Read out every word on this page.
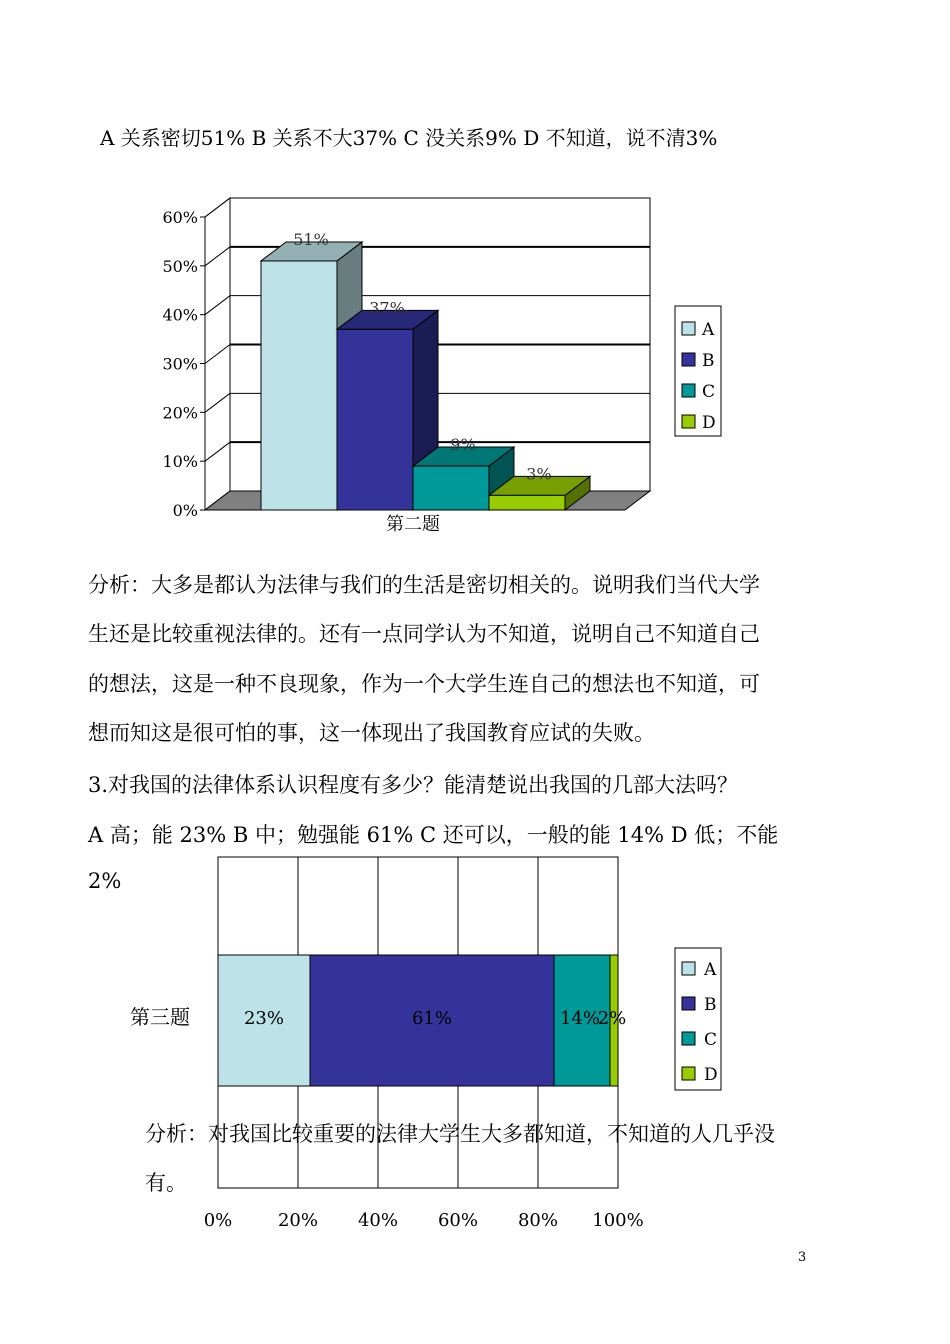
A 关系密切51% B 关系不大37% C 没关系9% D 不知道，说不清3%
0%
10%
20%
30%
40%
50%
60%
51%
37%
9%
3%
第二题
A
B
C
D
分析：大多是都认为法律与我们的生活是密切相关的。说明我们当代大学
生还是比较重视法律的。还有一点同学认为不知道，说明自己不知道自己
的想法，这是一种不良现象，作为一个大学生连自己的想法也不知道，可
想而知这是很可怕的事，这一体现出了我国教育应试的失败。
3.对我国的法律体系认识程度有多少？能清楚说出我国的几部大法吗？
A 高；能 23% B 中；勉强能 61% C 还可以，一般的能 14% D 低；不能
2%
23%	61%	14%
2%
第三题
0%	20% 40% 60% 80% 100%
A
B
C
D
分析：对我国比较重要的法律大学生大多都知道，不知道的人几乎没
有。
3
